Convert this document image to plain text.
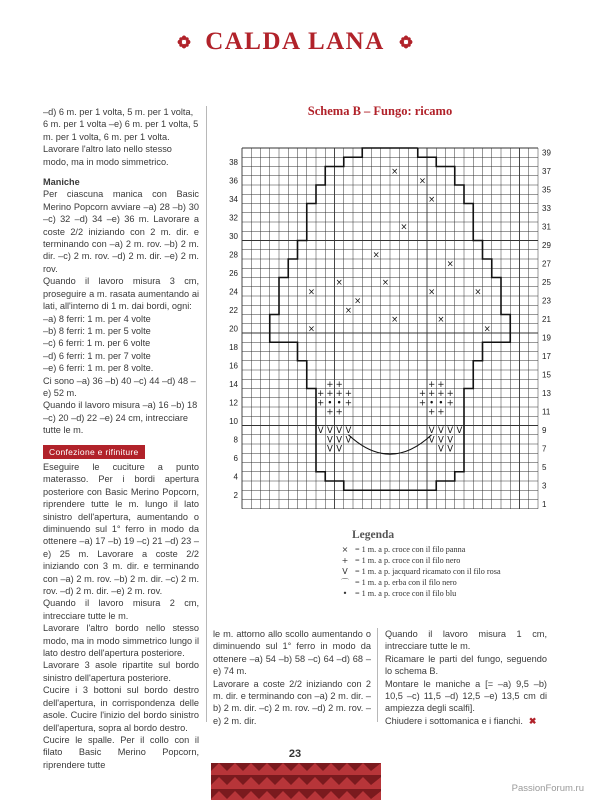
CALDA LANA

–d) 6 m. per 1 volta, 5 m. per 1 volta, 6 m. per 1 volta –e) 6 m. per 1 volta, 5 m. per 1 volta, 6 m. per 1 volta. Lavorare l'altro lato nello stesso modo, ma in modo simmetrico.

Maniche

Per ciascuna manica con Basic Merino Popcorn avviare –a) 28 –b) 30 –c) 32 –d) 34 –e) 36 m. Lavorare a coste 2/2 iniziando con 2 m. dir. e terminando con –a) 2 m. rov. –b) 2 m. dir. –c) 2 m. rov. –d) 2 m. dir. –e) 2 m. rov.

Quando il lavoro misura 3 cm, proseguire a m. rasata aumentando ai lati, all'interno di 1 m. dai bordi, ogni:

–a) 8 ferri: 1 m. per 4 volte

–b) 8 ferri: 1 m. per 5 volte

–c) 6 ferri: 1 m. per 6 volte

–d) 6 ferri: 1 m. per 7 volte

–e) 6 ferri: 1 m. per 8 volte.

Ci sono –a) 36 –b) 40 –c) 44 –d) 48 –e) 52 m.

Quando il lavoro misura –a) 16 –b) 18 –c) 20 –d) 22 –e) 24 cm, intrecciare tutte le m.

Confezione e rifiniture

Eseguire le cuciture a punto materasso. Per i bordi apertura posteriore con Basic Merino Popcorn, riprendere tutte le m. lungo il lato sinistro dell'apertura, aumentando o diminuendo sul 1° ferro in modo da ottenere –a) 17 –b) 19 –c) 21 –d) 23 –e) 25 m. Lavorare a coste 2/2 iniziando con 3 m. dir. e terminando con –a) 2 m. rov. –b) 2 m. dir. –c) 2 m. rov. –d) 2 m. dir. –e) 2 m. rov.

Quando il lavoro misura 2 cm, intrecciare tutte le m.

Lavorare l'altro bordo nello stesso modo, ma in modo simmetrico lungo il lato destro dell'apertura posteriore.

Lavorare 3 asole ripartite sul bordo sinistro dell'apertura posteriore.

Cucire i 3 bottoni sul bordo destro dell'apertura, in corrispondenza delle asole. Cucire l'inizio del bordo sinistro dell'apertura, sopra al bordo destro.

Cucire le spalle. Per il collo con il filato Basic Merino Popcorn, riprendere tutte

Schema B – Fungo: ricamo
×
×
×
×
×
×
×
×	×
×	×
×
×	×
×	×
×
+ +
+ + + +
+ +
+ +
+ +
+ + + +
+ +
+ +
• •	• •
V V V V
V V V
V V
V V V V
V V V
V V
38
36
34
32
30
28
26
24
22
20
18
16
14
12
10
8
6
4
2
39
37
35
33
31
29
27
25
23
21
19
17
15
13
11
9
7
5
3
1
Legenda
× = 1 m. a p. croce con il filo panna
+ = 1 m. a p. croce con il filo nero
V = 1 m. a p. jacquard ricamato con il filo rosa
⌒ = 1 m. a p. erba con il filo nero
• = 1 m. a p. croce con il filo blu

le m. attorno allo scollo aumentando o diminuendo sul 1° ferro in modo da ottenere –a) 54 –b) 58 –c) 64 –d) 68 –e) 74 m.

Lavorare a coste 2/2 iniziando con 2 m. dir. e terminando con –a) 2 m. dir. –b) 2 m. dir. –c) 2 m. rov. –d) 2 m. rov. –e) 2 m. dir.

Quando il lavoro misura 1 cm, intrecciare tutte le m.

Ricamare le parti del fungo, seguendo lo schema B.

Montare le maniche a [= –a) 9,5 –b) 10,5 –c) 11,5 –d) 12,5 –e) 13,5 cm di ampiezza degli scalfi].

Chiudere i sottomanica e i fianchi. ✖

23
PassionForum.ru
